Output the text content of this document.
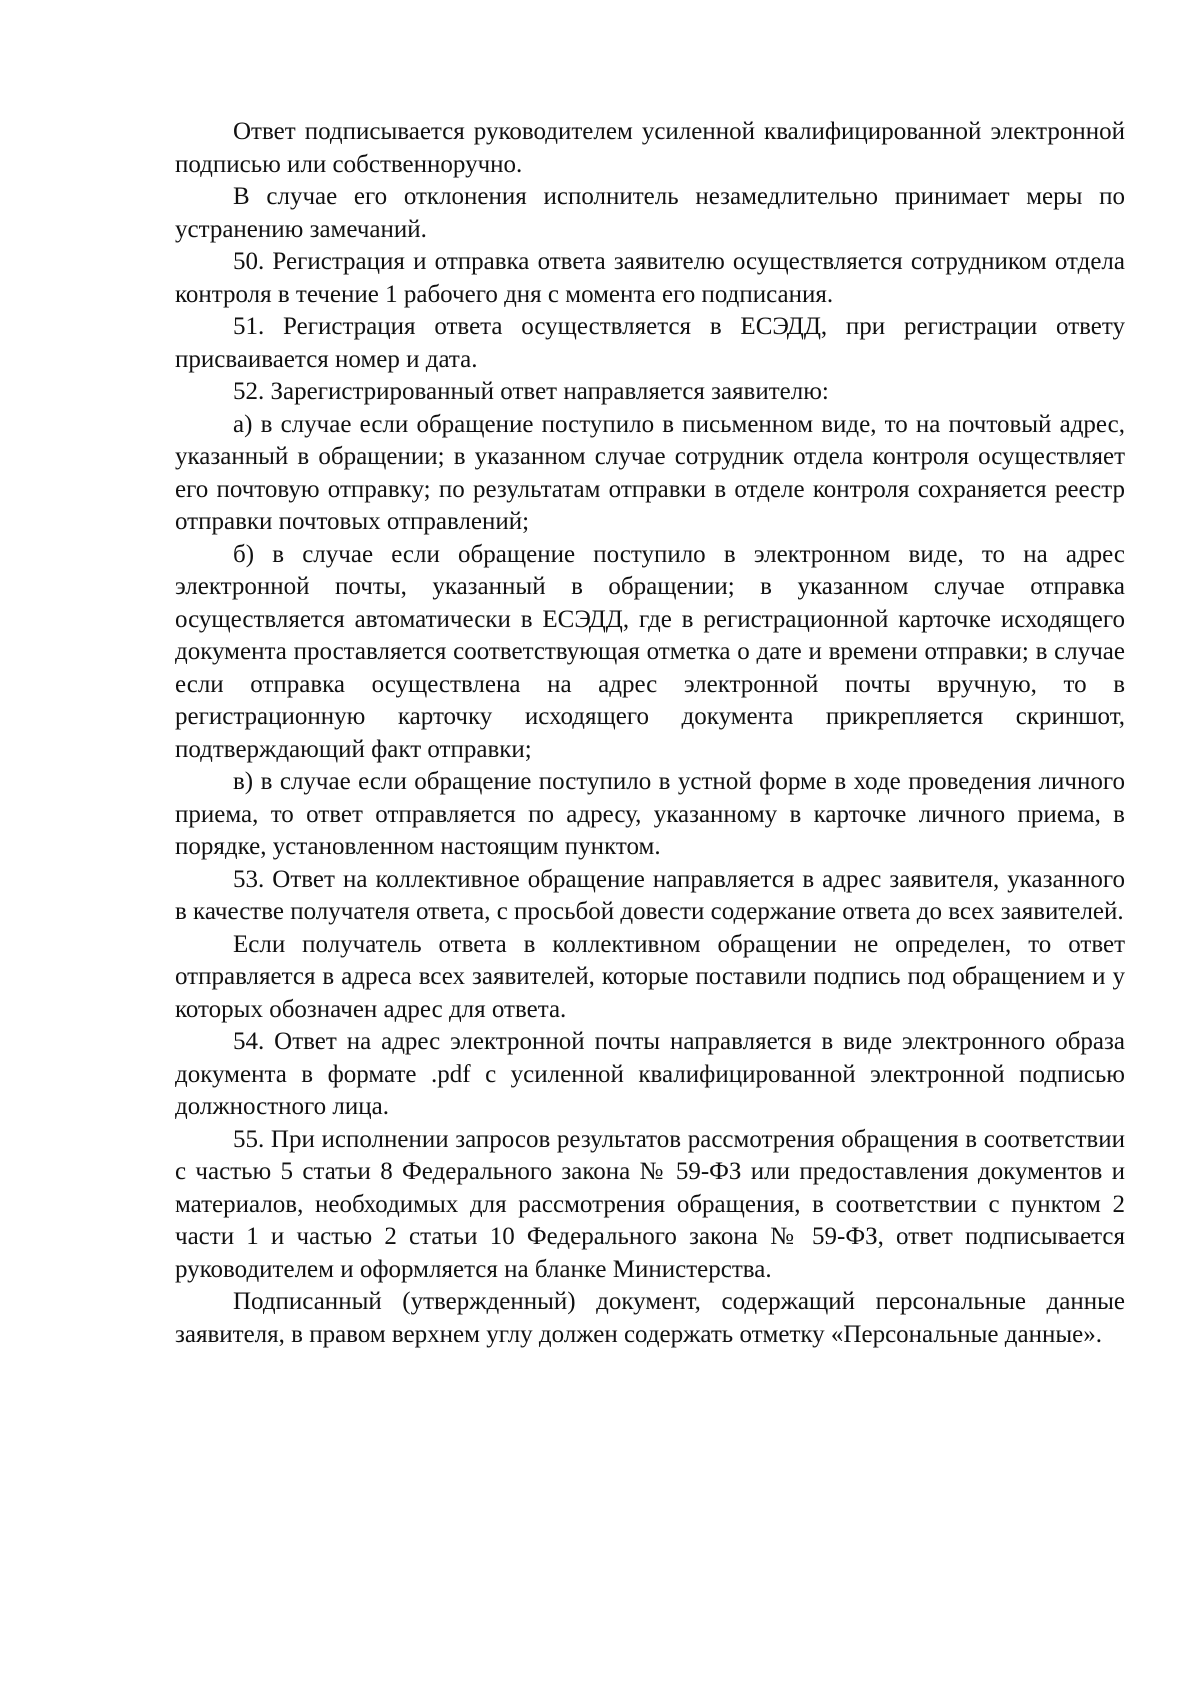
Ответ подписывается руководителем усиленной квалифицированной электронной подписью или собственноручно.

В случае его отклонения исполнитель незамедлительно принимает меры по устранению замечаний.

50. Регистрация и отправка ответа заявителю осуществляется сотрудником отдела контроля в течение 1 рабочего дня с момента его подписания.

51. Регистрация ответа осуществляется в ЕСЭДД, при регистрации ответу присваивается номер и дата.

52. Зарегистрированный ответ направляется заявителю:

а) в случае если обращение поступило в письменном виде, то на почтовый адрес, указанный в обращении; в указанном случае сотрудник отдела контроля осуществляет его почтовую отправку; по результатам отправки в отделе контроля сохраняется реестр отправки почтовых отправлений;

б) в случае если обращение поступило в электронном виде, то на адрес электронной почты, указанный в обращении; в указанном случае отправка осуществляется автоматически в ЕСЭДД, где в регистрационной карточке исходящего документа проставляется соответствующая отметка о дате и времени отправки; в случае если отправка осуществлена на адрес электронной почты вручную, то в регистрационную карточку исходящего документа прикрепляется скриншот, подтверждающий факт отправки;

в) в случае если обращение поступило в устной форме в ходе проведения личного приема, то ответ отправляется по адресу, указанному в карточке личного приема, в порядке, установленном настоящим пунктом.

53. Ответ на коллективное обращение направляется в адрес заявителя, указанного в качестве получателя ответа, с просьбой довести содержание ответа до всех заявителей.

Если получатель ответа в коллективном обращении не определен, то ответ отправляется в адреса всех заявителей, которые поставили подпись под обращением и у которых обозначен адрес для ответа.

54. Ответ на адрес электронной почты направляется в виде электронного образа документа в формате .pdf с усиленной квалифицированной электронной подписью должностного лица.

55. При исполнении запросов результатов рассмотрения обращения в соответствии с частью 5 статьи 8 Федерального закона № 59-ФЗ или предоставления документов и материалов, необходимых для рассмотрения обращения, в соответствии с пунктом 2 части 1 и частью 2 статьи 10 Федерального закона № 59-ФЗ, ответ подписывается руководителем и оформляется на бланке Министерства.

Подписанный (утвержденный) документ, содержащий персональные данные заявителя, в правом верхнем углу должен содержать отметку «Персональные данные».
